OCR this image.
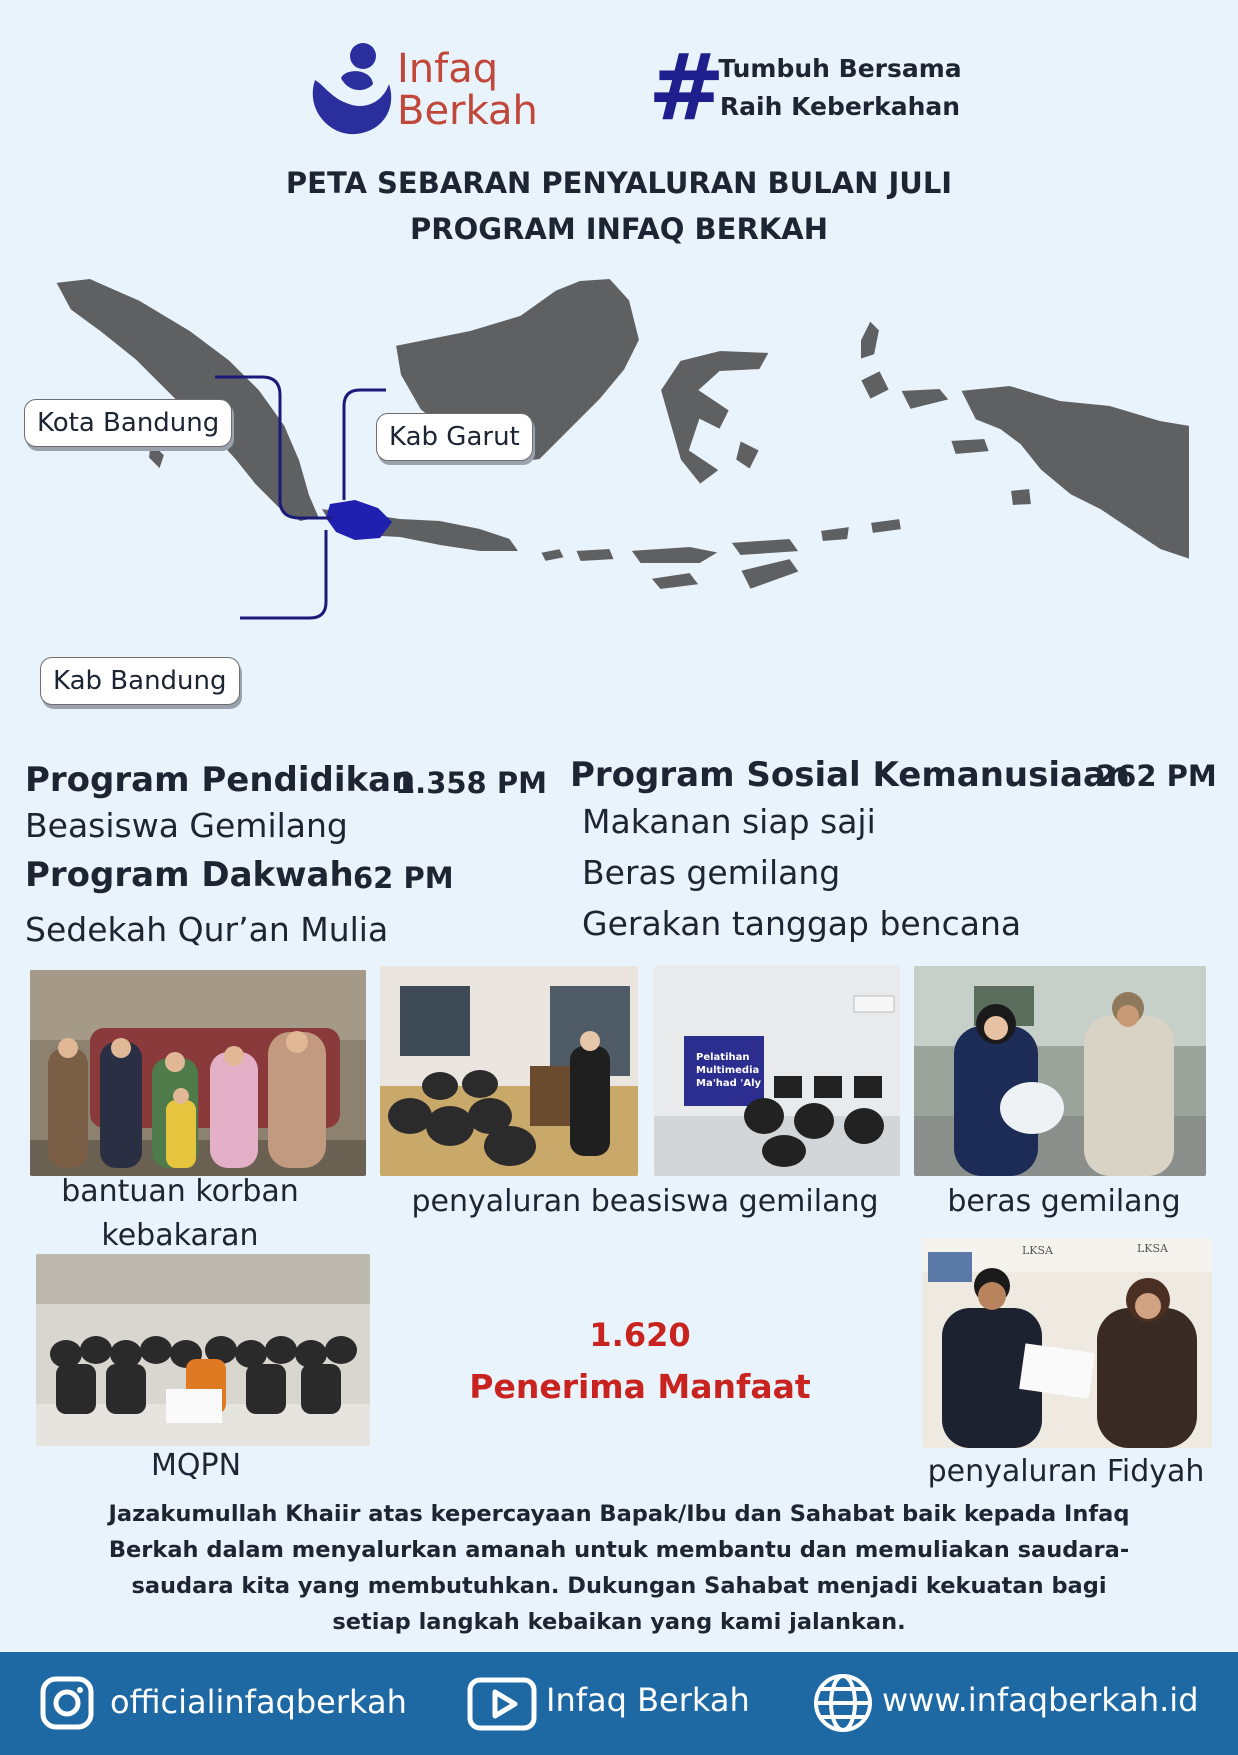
Infaq
Berkah #
Tumbuh Bersama
Raih Keberkahan
PETA SEBARAN PENYALURAN BULAN JULI
PROGRAM INFAQ BERKAH
Kota Bandung	Kab Garut
Kab Bandung
Program Pendidikan
1.358 PM
Beasiswa Gemilang
Program Dakwah 62 PM
Sedekah Qur’an Mulia
Program Sosial Kemanusiaan
262 PM
Makanan siap saji
Beras gemilang
Gerakan tanggap bencana
Pelatihan
Multimedia
Ma'had 'Aly
bantuan korban
kebakaran
penyaluran beasiswa gemilang	beras gemilang
LKSA	LKSA
MQPN	penyaluran Fidyah
1.620
Penerima Manfaat
Jazakumullah Khaiir atas kepercayaan Bapak/Ibu dan Sahabat baik kepada Infaq
Berkah dalam menyalurkan amanah untuk membantu dan memuliakan saudara-
saudara kita yang membutuhkan. Dukungan Sahabat menjadi kekuatan bagi
setiap langkah kebaikan yang kami jalankan.
officialinfaqberkah	Infaq Berkah	www.infaqberkah.id
